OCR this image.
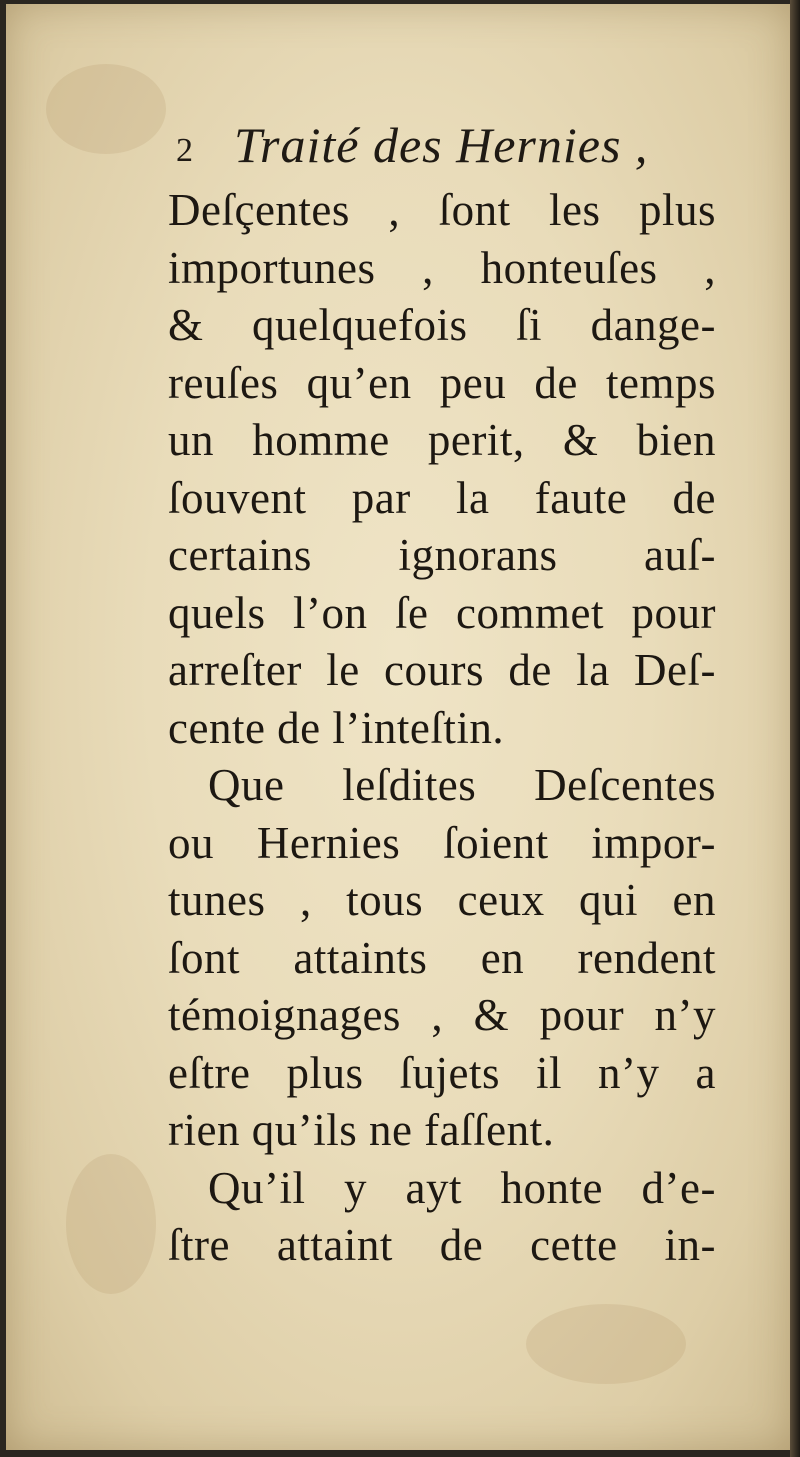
2 Traité des Hernies ,
Deſçentes , ſont les plus
importunes , honteuſes ,
& quelquefois ſi dange-
reuſes qu’en peu de temps
un homme perit, & bien
ſouvent par la faute de
certains ignorans auſ-
quels l’on ſe commet pour
arreſter le cours de la Deſ-
cente de l’inteſtin.
Que leſdites Deſcentes
ou Hernies ſoient impor-
tunes , tous ceux qui en
ſont attaints en rendent
témoignages , & pour n’y
eſtre plus ſujets il n’y a
rien qu’ils ne faſſent.
Qu’il y ayt honte d’e-
ſtre attaint de cette in-
